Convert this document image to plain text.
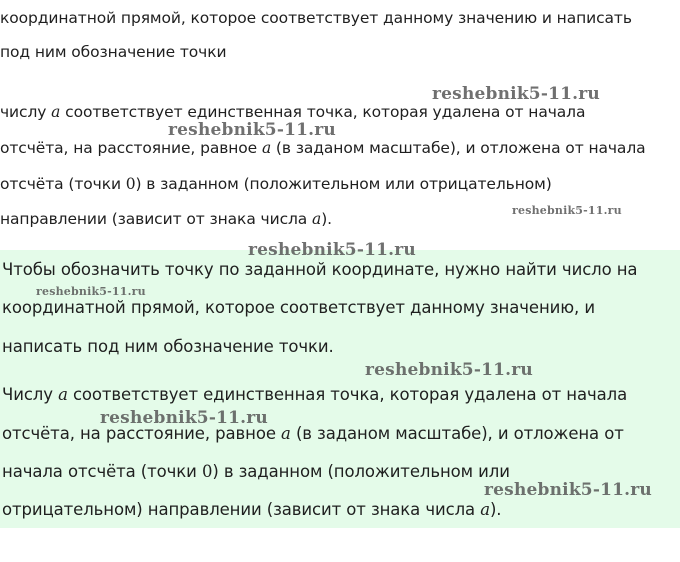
координатной прямой, которое соответствует данному значению и написать
под ним обозначение точки
числу a соответствует единственная точка, которая удалена от начала
отсчёта, на расстояние, равное a (в заданом масштабе), и отложена от начала
отсчёта (точки 0) в заданном (положительном или отрицательном)
направлении (зависит от знака числа a).
Чтобы обозначить точку по заданной координате, нужно найти число на
координатной прямой, которое соответствует данному значению, и
написать под ним обозначение точки.
Числу a соответствует единственная точка, которая удалена от начала
отсчёта, на расстояние, равное a (в заданом масштабе), и отложена от
начала отсчёта (точки 0) в заданном (положительном или
отрицательном) направлении (зависит от знака числа a).
reshebnik5-11.ru
reshebnik5-11.ru
reshebnik5-11.ru
reshebnik5-11.ru
reshebnik5-11.ru
reshebnik5-11.ru
reshebnik5-11.ru
reshebnik5-11.ru
